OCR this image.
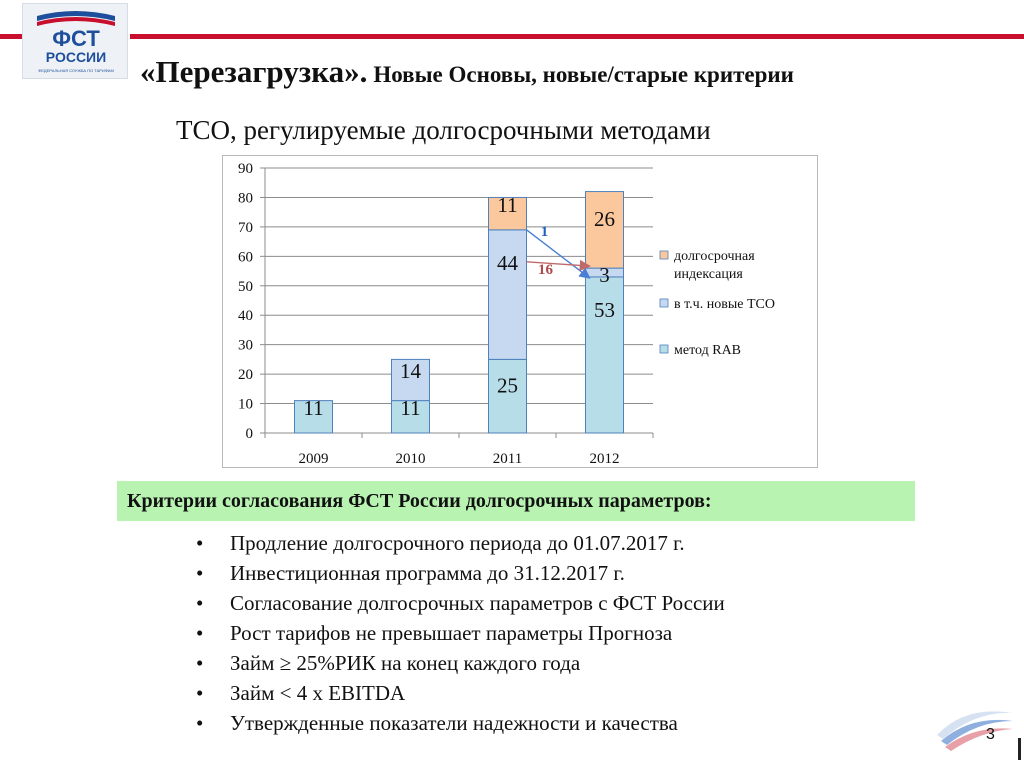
ФСТ
РОССИИ
ФЕДЕРАЛЬНАЯ СЛУЖБА ПО ТАРИФАМ «Перезагрузка». Новые Основы, новые/старые критерии
ТСО, регулируемые долгосрочными методами
0
10
20
30
40
50
60
70
80
90
2009	2010	2011	2012
11	11
14
25
44
11
53
3
26
1
16
долгосрочная индексация
в т.ч. новые ТСО
метод RAB
Критерии согласования ФСТ России долгосрочных параметров:
• Продление долгосрочного периода до 01.07.2017 г.
• Инвестиционная программа до 31.12.2017 г.
• Согласование долгосрочных параметров с ФСТ России
• Рост тарифов не превышает параметры Прогноза
• Займ ≥ 25%РИК на конец каждого года
• Займ < 4 x EBITDA
• Утвержденные показатели надежности и качества	3
